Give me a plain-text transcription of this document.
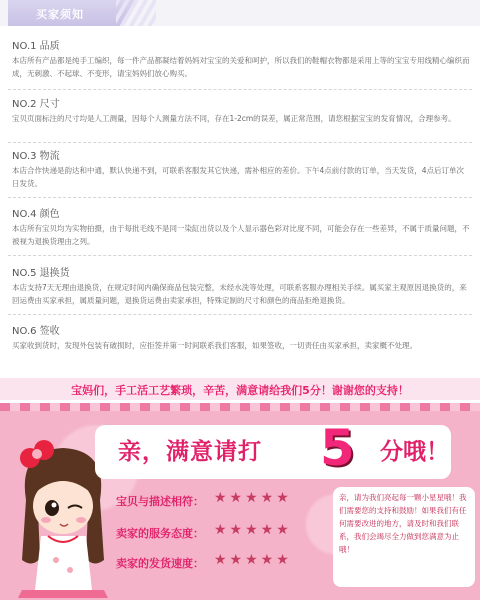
买家须知
NO.1 品质
本店所有产品都是纯手工编织，每一件产品都凝结着妈妈对宝宝的关爱和呵护，所以我们的鞋帽衣物都是采用上等的宝宝专用线精心编织而成，无刺激、不起球、不变形，请宝妈妈们放心购买。
NO.2 尺寸
宝贝页面标注的尺寸均是人工测量，因每个人测量方法不同，存在1-2cm的误差，属正常范围，请您根据宝宝的发育情况，合理参考。
NO.3 物流
本店合作快递是韵达和中通，默认快递不到，可联系客服发其它快递，需补相应的差价。下午4点前付款的订单，当天发货，4点后订单次日发货。
NO.4 颜色
本店所有宝贝均为实物拍摄，由于每批毛线不是同一染缸出货以及个人显示器色彩对比度不同，可能会存在一些差异，不属于质量问题，不被视为退换货理由之列。
NO.5 退换货
本店支持7天无理由退换货，在规定时间内确保商品包装完整，未经水洗等处理，可联系客服办理相关手续。属买家主观原因退换货的，来回运费由买家承担，属质量问题，退换货运费由卖家承担，特殊定制的尺寸和颜色的商品拒绝退换货。
NO.6 签收
买家收到货时，发现外包装有破损时，应拒签并第一时间联系我们客服，如果签收，一切责任由买家承担，卖家概不处理。
宝妈们，手工活工艺繁琐，辛苦，满意请给我们5分！谢谢您的支持！
亲，满意请打 5 分哦！
宝贝与描述相符： ★★★★★
卖家的服务态度： ★★★★★
卖家的发货速度： ★★★★★
亲，请为我们亮起每一颗小星星哦！我们需要您的支持和鼓励！如果我们有任何需要改进的地方，请及时和我们联系，我们会竭尽全力做到您满意为止哦！
